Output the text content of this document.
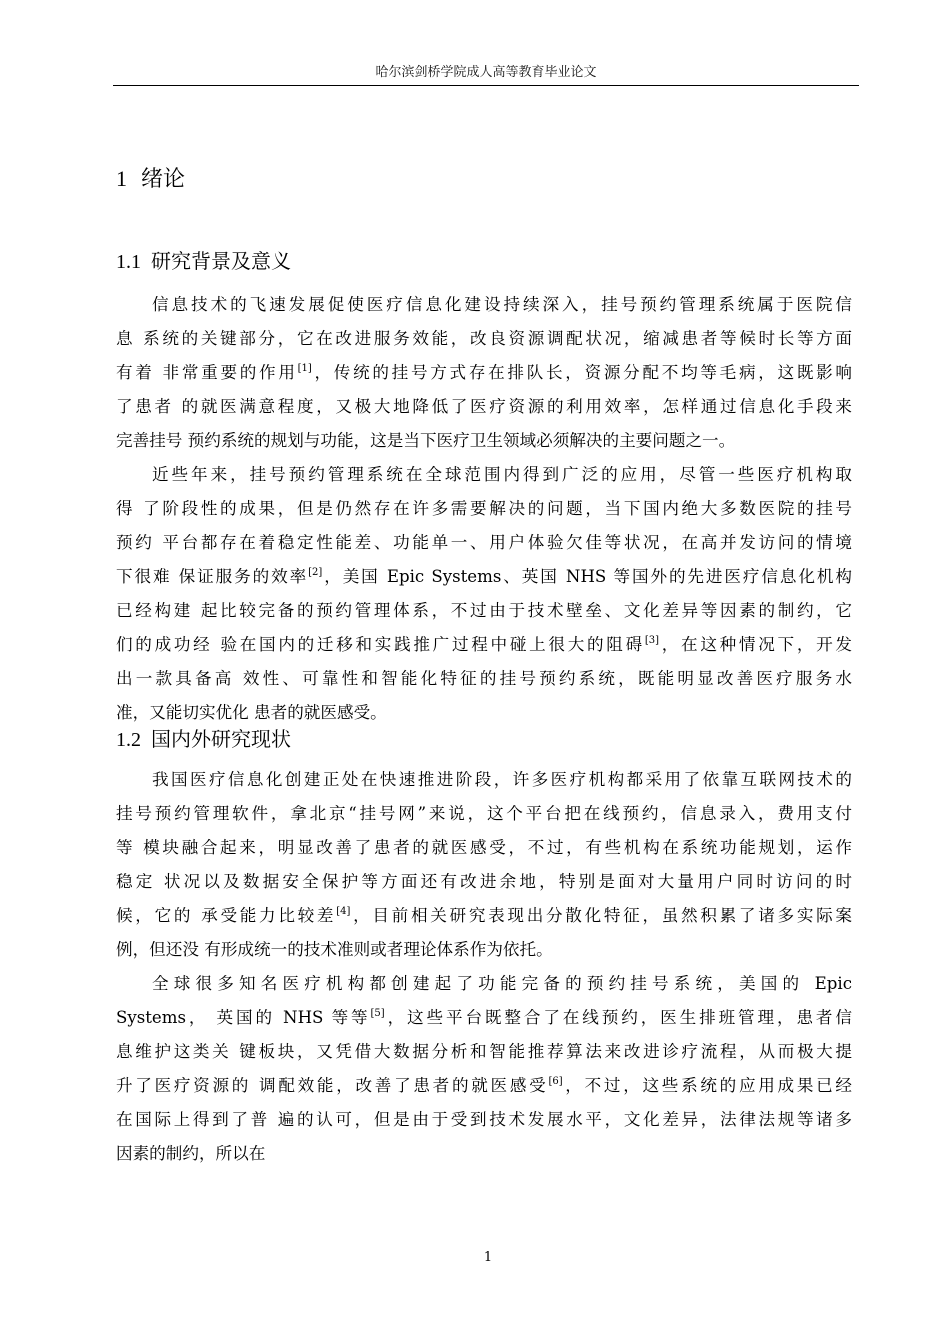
哈尔滨剑桥学院成人高等教育毕业论文
1 绪论
1.1 研究背景及意义
信息技术的飞速发展促使医疗信息化建设持续深入，挂号预约管理系统属于医院信
息 系统的关键部分，它在改进服务效能，改良资源调配状况，缩减患者等候时长等方面
有着 非常重要的作用[1]，传统的挂号方式存在排队长，资源分配不均等毛病，这既影响
了患者 的就医满意程度，又极大地降低了医疗资源的利用效率，怎样通过信息化手段来
完善挂号 预约系统的规划与功能，这是当下医疗卫生领域必须解决的主要问题之一。
近些年来，挂号预约管理系统在全球范围内得到广泛的应用，尽管一些医疗机构取
得 了阶段性的成果，但是仍然存在许多需要解决的问题，当下国内绝大多数医院的挂号
预约 平台都存在着稳定性能差、功能单一、用户体验欠佳等状况，在高并发访问的情境
下很难 保证服务的效率[2]，美国 Epic Systems、英国 NHS 等国外的先进医疗信息化机构
已经构建 起比较完备的预约管理体系，不过由于技术壁垒、文化差异等因素的制约，它
们的成功经 验在国内的迁移和实践推广过程中碰上很大的阻碍[3]，在这种情况下，开发
出一款具备高 效性、可靠性和智能化特征的挂号预约系统，既能明显改善医疗服务水
准，又能切实优化 患者的就医感受。
1.2 国内外研究现状
我国医疗信息化创建正处在快速推进阶段，许多医疗机构都采用了依靠互联网技术的
挂号预约管理软件，拿北京“挂号网”来说，这个平台把在线预约，信息录入，费用支付
等 模块融合起来，明显改善了患者的就医感受，不过，有些机构在系统功能规划，运作
稳定 状况以及数据安全保护等方面还有改进余地，特别是面对大量用户同时访问的时
候，它的 承受能力比较差[4]，目前相关研究表现出分散化特征，虽然积累了诸多实际案
例，但还没 有形成统一的技术准则或者理论体系作为依托。
全球很多知名医疗机构都创建起了功能完备的预约挂号系统，美国的 Epic
Systems， 英国的 NHS 等等[5]，这些平台既整合了在线预约，医生排班管理，患者信
息维护这类关 键板块，又凭借大数据分析和智能推荐算法来改进诊疗流程，从而极大提
升了医疗资源的 调配效能，改善了患者的就医感受[6]，不过，这些系统的应用成果已经
在国际上得到了普 遍的认可，但是由于受到技术发展水平，文化差异，法律法规等诸多
因素的制约，所以在
1
